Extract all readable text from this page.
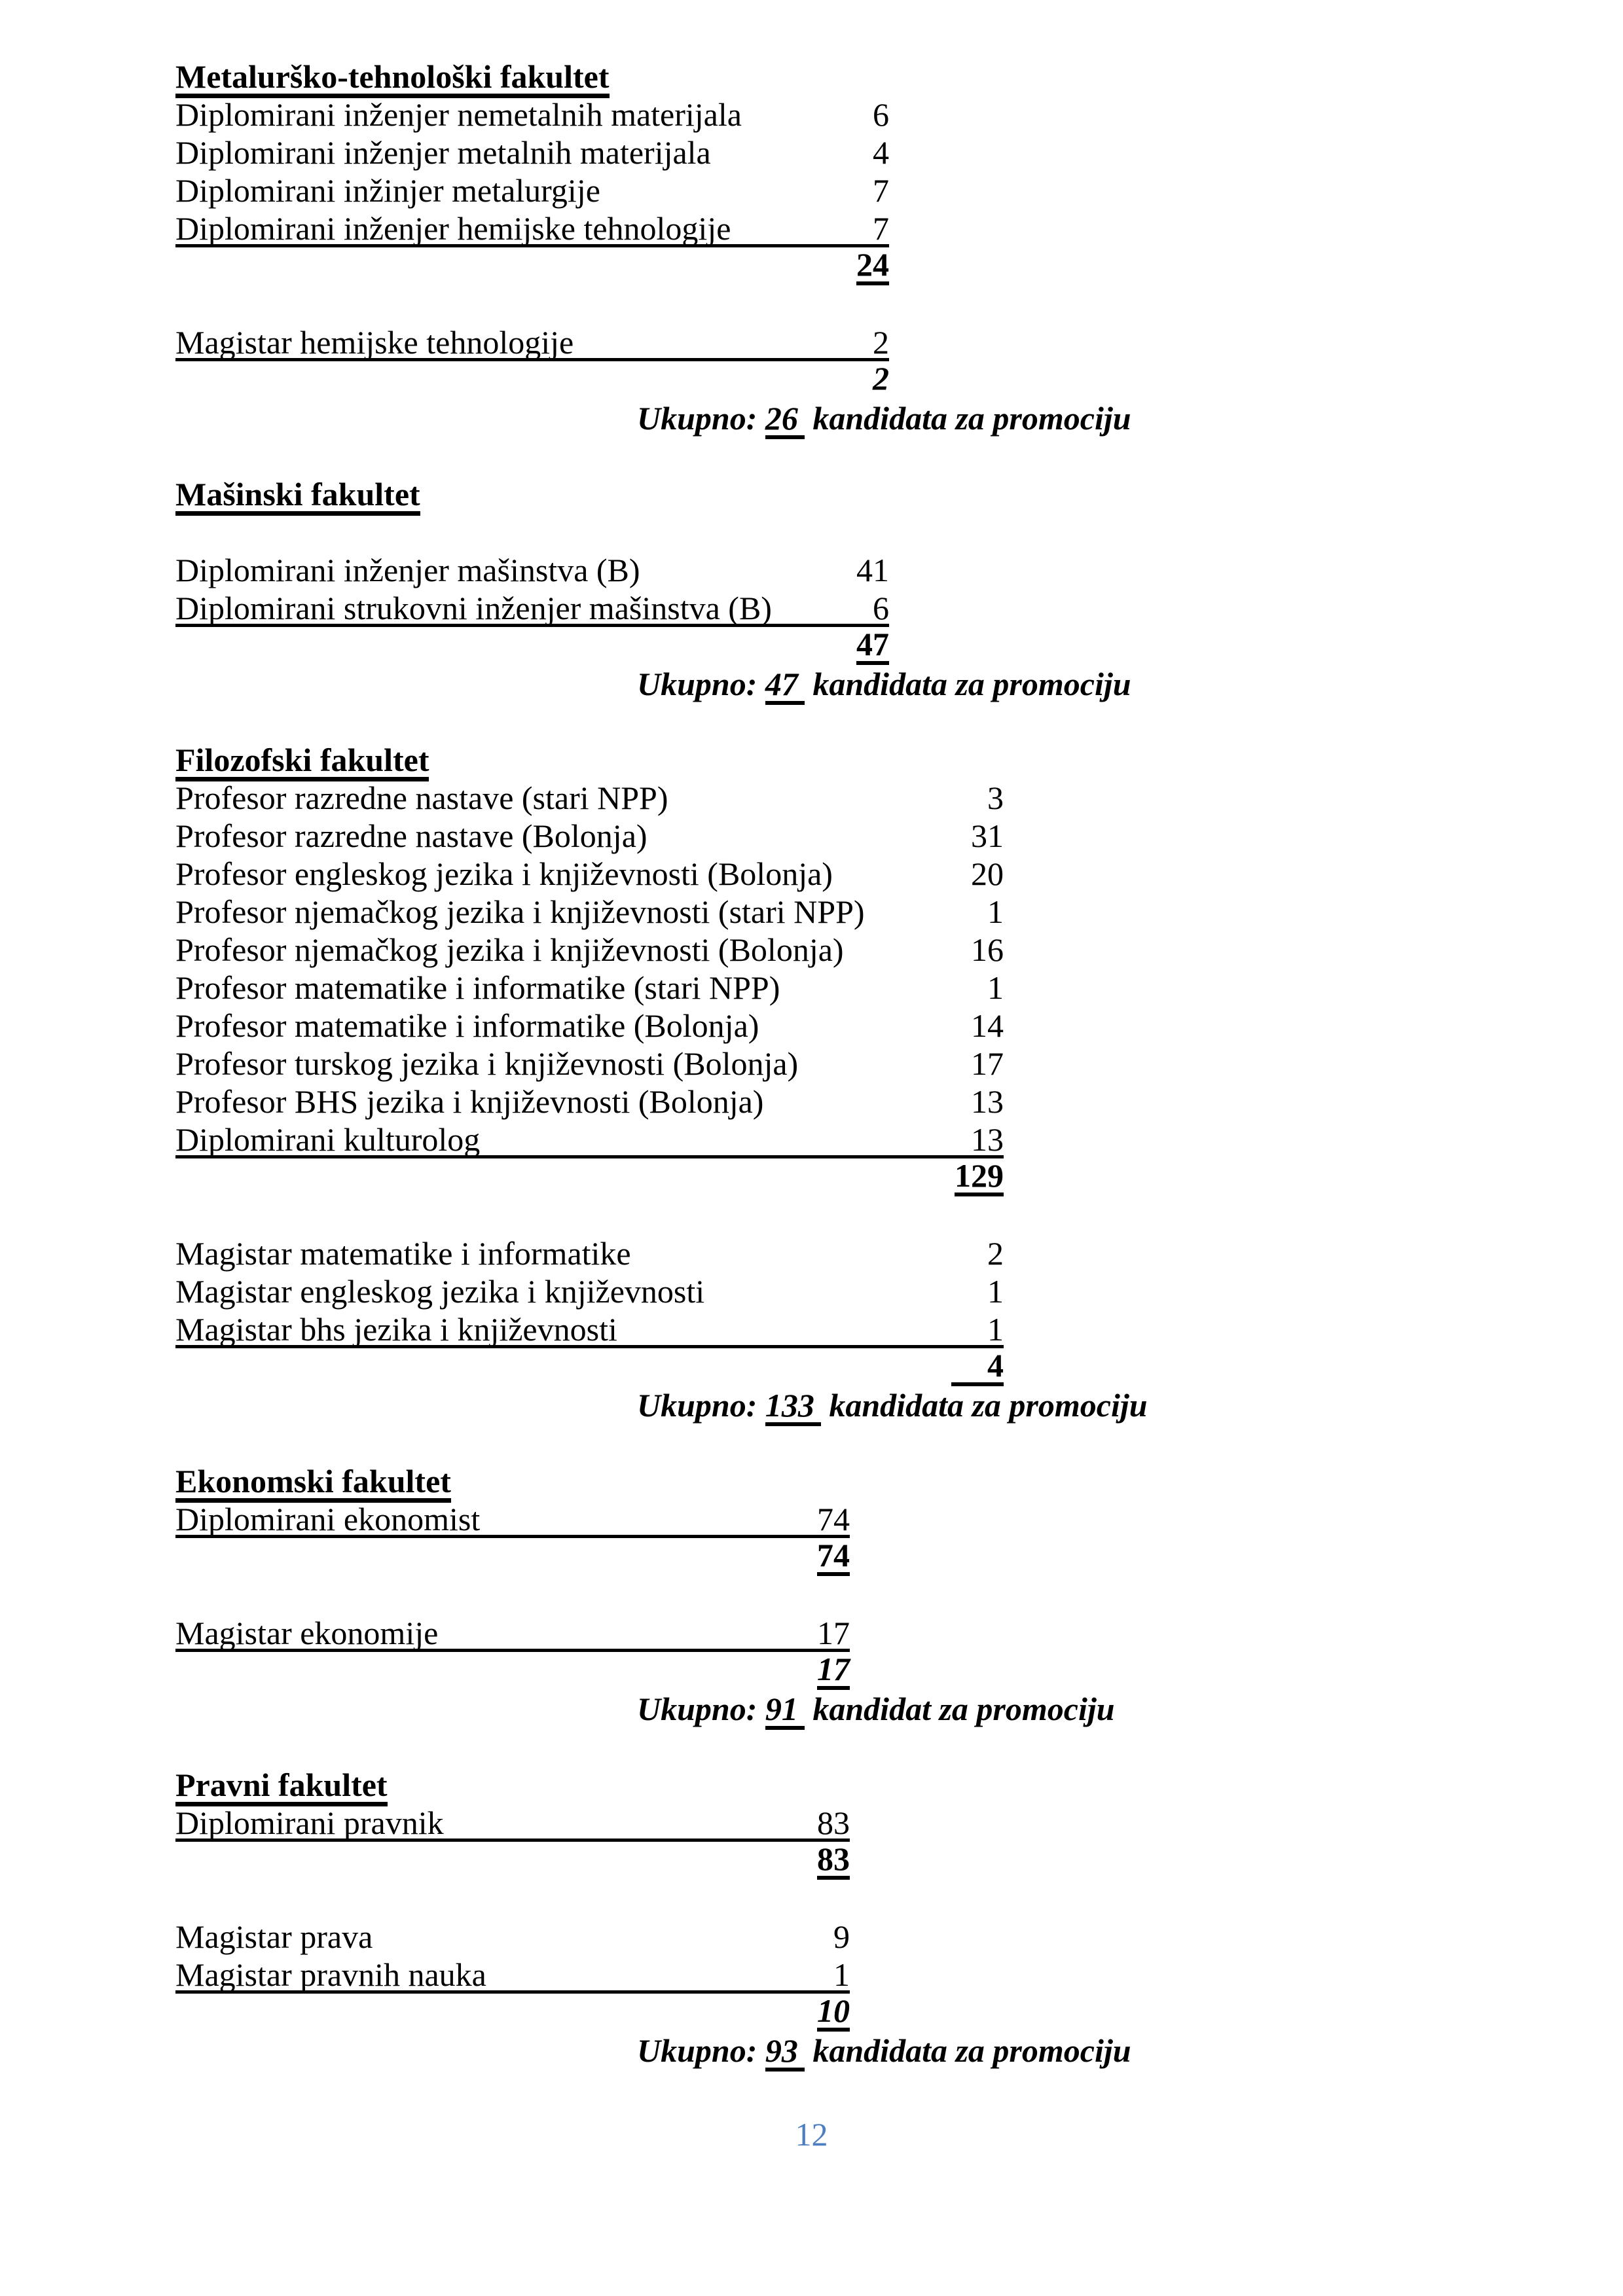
Metalurško-tehnološki fakultet
Diplomirani inženjer nemetalnih materijala	6
Diplomirani inženjer metalnih materijala	4
Diplomirani inžinjer metalurgije	7
Diplomirani inženjer hemijske tehnologije	7
24
Magistar hemijske tehnologije	2
2
Ukupno: 26 kandidata za promociju
Mašinski fakultet
Diplomirani inženjer mašinstva (B)	41
Diplomirani strukovni inženjer mašinstva (B)	6
47
Ukupno: 47 kandidata za promociju
Filozofski fakultet
Profesor razredne nastave (stari NPP)	3
Profesor razredne nastave (Bolonja)	31
Profesor engleskog jezika i književnosti (Bolonja)	20
Profesor njemačkog jezika i književnosti (stari NPP)	1
Profesor njemačkog jezika i književnosti (Bolonja)	16
Profesor matematike i informatike (stari NPP)	1
Profesor matematike i informatike (Bolonja)	14
Profesor turskog jezika i književnosti (Bolonja)	17
Profesor BHS jezika i književnosti (Bolonja)	13
Diplomirani kulturolog	13
129
Magistar matematike i informatike	2
Magistar engleskog jezika i književnosti	1
Magistar bhs jezika i književnosti	1
4
Ukupno: 133 kandidata za promociju
Ekonomski fakultet
Diplomirani ekonomist	74
74
Magistar ekonomije	17
17
Ukupno: 91 kandidat za promociju
Pravni fakultet
Diplomirani pravnik	83
83
Magistar prava	9
Magistar pravnih nauka	1
10
Ukupno: 93 kandidata za promociju
12
